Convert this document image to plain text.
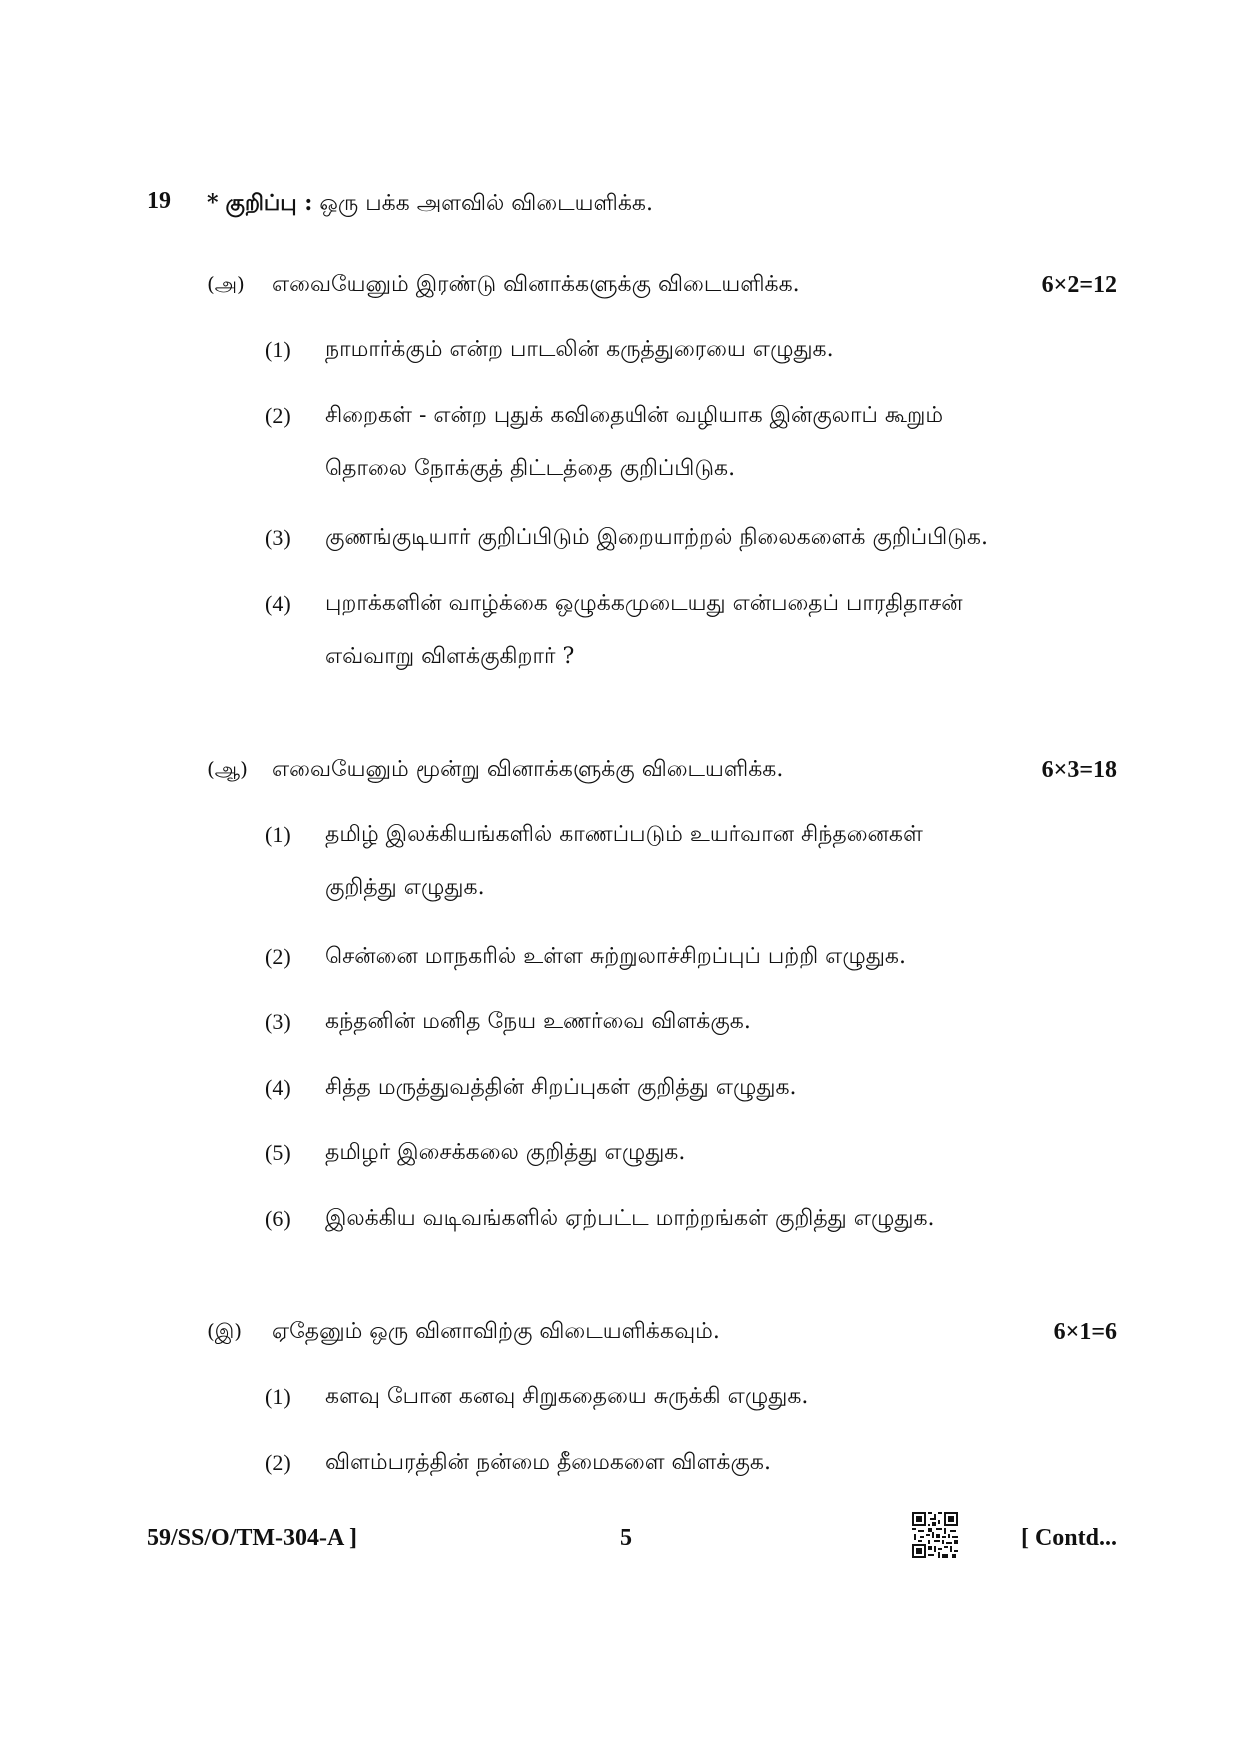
19 * குறிப்பு : ஒரு பக்க அளவில் விடையளிக்க.
(அ) எவையேனும் இரண்டு வினாக்களுக்கு விடையளிக்க.	6×2=12
(1) நாமார்க்கும் என்ற பாடலின் கருத்துரையை எழுதுக.
(2) சிறைகள் - என்ற புதுக் கவிதையின் வழியாக இன்குலாப் கூறும்
தொலை நோக்குத் திட்டத்தை குறிப்பிடுக.
(3) குணங்குடியார் குறிப்பிடும் இறையாற்றல் நிலைகளைக் குறிப்பிடுக.
(4) புறாக்களின் வாழ்க்கை ஒழுக்கமுடையது என்பதைப் பாரதிதாசன்
எவ்வாறு விளக்குகிறார் ?
(ஆ) எவையேனும் மூன்று வினாக்களுக்கு விடையளிக்க.	6×3=18
(1) தமிழ் இலக்கியங்களில் காணப்படும் உயர்வான சிந்தனைகள்
குறித்து எழுதுக.
(2) சென்னை மாநகரில் உள்ள சுற்றுலாச்சிறப்புப் பற்றி எழுதுக.
(3) கந்தனின் மனித நேய உணர்வை விளக்குக.
(4) சித்த மருத்துவத்தின் சிறப்புகள் குறித்து எழுதுக.
(5) தமிழர் இசைக்கலை குறித்து எழுதுக.
(6) இலக்கிய வடிவங்களில் ஏற்பட்ட மாற்றங்கள் குறித்து எழுதுக.
(இ) ஏதேனும் ஒரு வினாவிற்கு விடையளிக்கவும்.	6×1=6
(1) களவு போன கனவு சிறுகதையை சுருக்கி எழுதுக.
(2) விளம்பரத்தின் நன்மை தீமைகளை விளக்குக.
59/SS/O/TM-304-A ]	5	[ Contd...
